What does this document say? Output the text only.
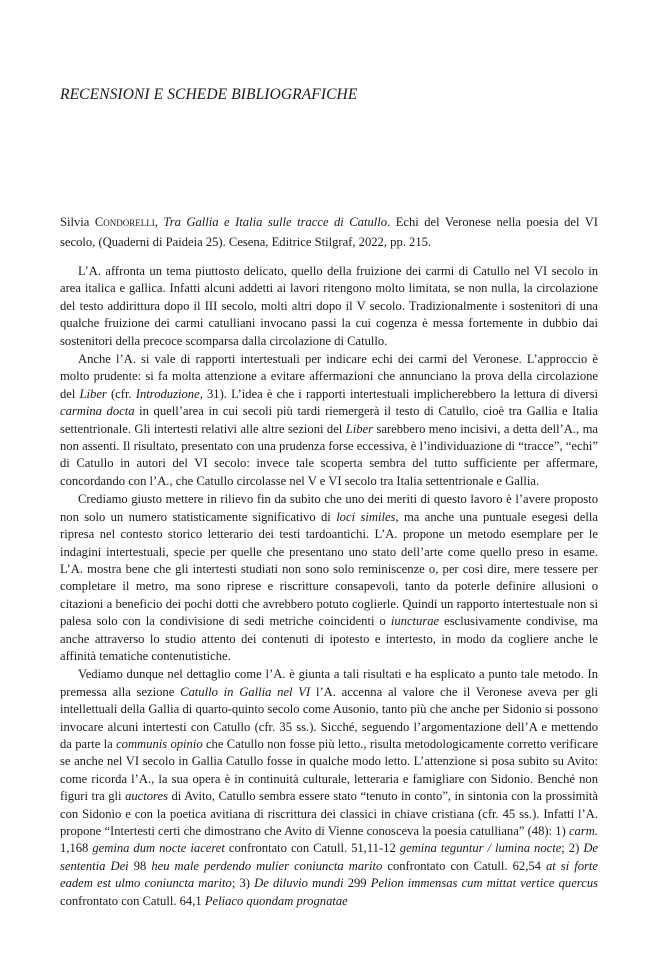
RECENSIONI E SCHEDE BIBLIOGRAFICHE

Silvia Condorelli, Tra Gallia e Italia sulle tracce di Catullo. Echi del Veronese nella poesia del VI secolo, (Quaderni di Paideia 25). Cesena, Editrice Stilgraf, 2022, pp. 215.

L’A. affronta un tema piuttosto delicato, quello della fruizione dei carmi di Catullo nel VI secolo in area italica e gallica. Infatti alcuni addetti ai lavori ritengono molto limitata, se non nulla, la circolazione del testo addirittura dopo il III secolo, molti altri dopo il V secolo. Tradizionalmente i sostenitori di una qualche fruizione dei carmi catulliani invocano passi la cui cogenza è messa fortemente in dubbio dai sostenitori della precoce scomparsa dalla circolazione di Catullo.

Anche l’A. si vale di rapporti intertestuali per indicare echi dei carmi del Veronese. L’approccio è molto prudente: si fa molta attenzione a evitare affermazioni che annunciano la prova della circolazione del Liber (cfr. Introduzione, 31). L’idea è che i rapporti intertestuali implicherebbero la lettura di diversi carmina docta in quell’area in cui secoli più tardi riemergerà il testo di Catullo, cioè tra Gallia e Italia settentrionale. Gli intertesti relativi alle altre sezioni del Liber sarebbero meno incisivi, a detta dell’A., ma non assenti. Il risultato, presentato con una prudenza forse eccessiva, è l’individuazione di “tracce”, “echi” di Catullo in autori del VI secolo: invece tale scoperta sembra del tutto sufficiente per affermare, concordando con l’A., che Catullo circolasse nel V e VI secolo tra Italia settentrionale e Gallia.

Crediamo giusto mettere in rilievo fin da subito che uno dei meriti di questo lavoro è l’avere proposto non solo un numero statisticamente significativo di loci similes, ma anche una puntuale esegesi della ripresa nel contesto storico letterario dei testi tardoantichi. L’A. propone un metodo esemplare per le indagini intertestuali, specie per quelle che presentano uno stato dell’arte come quello preso in esame. L’A. mostra bene che gli intertesti studiati non sono solo reminiscenze o, per così dire, mere tessere per completare il metro, ma sono riprese e riscritture consapevoli, tanto da poterle definire allusioni o citazioni a beneficio dei pochi dotti che avrebbero potuto coglierle. Quindi un rapporto intertestuale non si palesa solo con la condivisione di sedi metriche coincidenti o iuncturae esclusivamente condivise, ma anche attraverso lo studio attento dei contenuti di ipotesto e intertesto, in modo da cogliere anche le affinità tematiche contenutistiche.

Vediamo dunque nel dettaglio come l’A. è giunta a tali risultati e ha esplicato a punto tale metodo. In premessa alla sezione Catullo in Gallia nel VI l’A. accenna al valore che il Veronese aveva per gli intellettuali della Gallia di quarto-quinto secolo come Ausonio, tanto più che anche per Sidonio si possono invocare alcuni intertesti con Catullo (cfr. 35 ss.). Sicché, seguendo l’argomentazione dell’A e mettendo da parte la communis opinio che Catullo non fosse più letto., risulta metodologicamente corretto verificare se anche nel VI secolo in Gallia Catullo fosse in qualche modo letto. L’attenzione si posa subito su Avito: come ricorda l’A., la sua opera è in continuità culturale, letteraria e famigliare con Sidonio. Benché non figuri tra gli auctores di Avito, Catullo sembra essere stato “tenuto in conto”, in sintonia con la prossimità con Sidonio e con la poetica avitiana di riscrittura dei classici in chiave cristiana (cfr. 45 ss.). Infatti l’A. propone “Intertesti certi che dimostrano che Avito di Vienne conosceva la poesia catulliana” (48): 1) carm. 1,168 gemina dum nocte iaceret confrontato con Catull. 51,11-12 gemina teguntur / lumina nocte; 2) De sententia Dei 98 heu male perdendo mulier coniuncta marito confrontato con Catull. 62,54 at si forte eadem est ulmo coniuncta marito; 3) De diluvio mundi 299 Pelion immensas cum mittat vertice quercus confrontato con Catull. 64,1 Peliaco quondam prognatae
